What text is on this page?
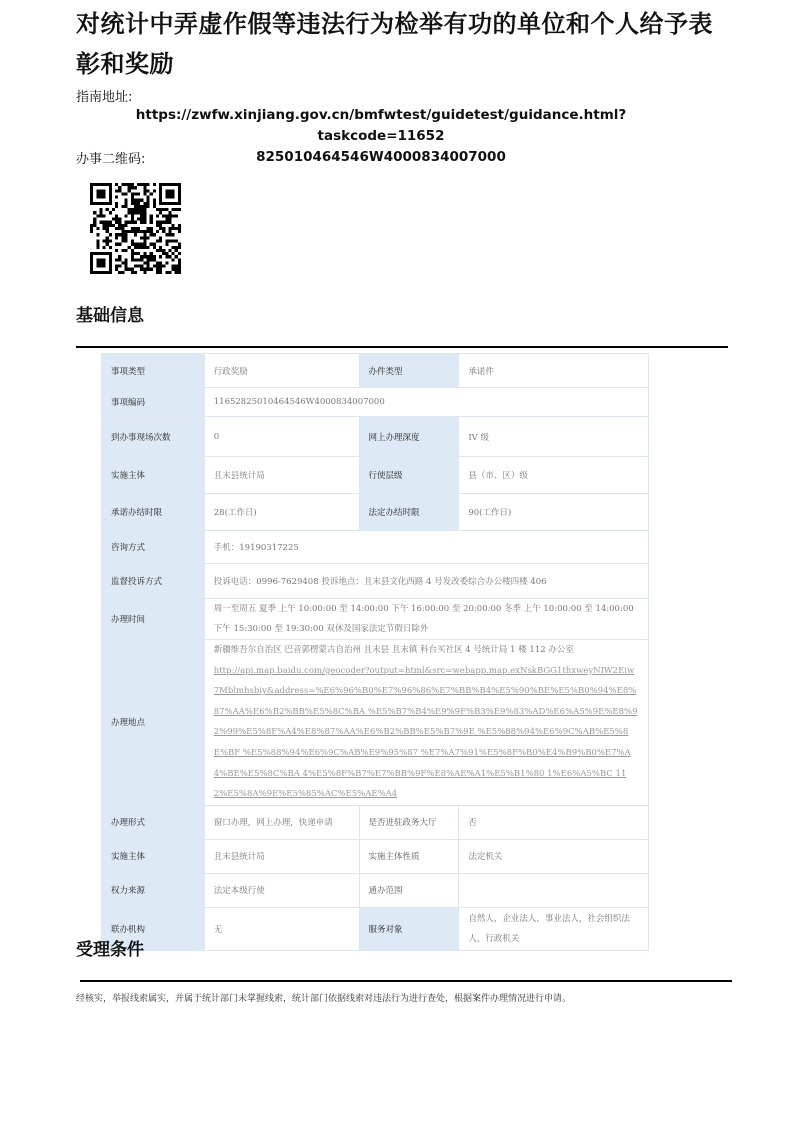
对统计中弄虚作假等违法行为检举有功的单位和个人给予表彰和奖励
指南地址:
https://zwfw.xinjiang.gov.cn/bmfwtest/guidetest/guidance.html?taskcode=11652
825010464546W4000834007000
办事二维码:
基础信息
事项类型	行政奖励	办件类型	承诺件
事项编码	11652825010464546W4000834007000		
到办事现场次数	0	网上办理深度	IV 级
实施主体	且末县统计局	行使层级	县（市、区）级
承诺办结时限	28(工作日)	法定办结时限	90(工作日)
咨询方式	手机：19190317225		
监督投诉方式	投诉电话：0996-7629408 投诉地点：且末县文化西路 4 号发改委综合办公楼四楼 406		
办理时间	周一至周五 夏季 上午 10:00:00 至 14:00:00 下午 16:00:00 至 20:00:00 冬季 上午 10:00:00 至 14:00:00 下午 15:30:00 至 19:30:00 双休及国家法定节假日除外		
办理地点	新疆维吾尔自治区 巴音郭楞蒙古自治州 且末县 且末镇 科台买社区 4 号统计局 1 楼 112 办公室
http://api.map.baidu.com/geocoder?output=html&src=webapp.map.exNskBGG1thxweyNIW2Eiw7Mblmhsbiy&address=%E6%96%B0%E7%96%86%E7%BB%B4%E5%90%BE%E5%B0%94%E8%87%AA%E6%B2%BB%E5%8C%BA %E5%B7%B4%E9%9F%B3%E9%83%AD%E6%A5%9E%E8%92%99%E5%8F%A4%E8%87%AA%E6%B2%BB%E5%B7%9E %E5%88%94%E6%9C%AB%E5%8E%BF %E5%88%94%E6%9C%AB%E9%95%87 %E7%A7%91%E5%8F%B0%E4%B9%B0%E7%A4%BE%E5%8C%BA 4%E5%8F%B7%E7%BB%9F%E8%AE%A1%E5%B1%80 1%E6%A5%BC 112%E5%8A%9E%E5%85%AC%E5%AE%A4		

办理形式	窗口办理，网上办理，快递申请	是否进驻政务大厅	否
实施主体	且末县统计局	实施主体性质	法定机关
权力来源	法定本级行使	通办范围	
联办机构	无	服务对象	自然人，企业法人，事业法人，社会组织法人，行政机关
受理条件
经核实，举报线索属实，并属于统计部门未掌握线索，统计部门依据线索对违法行为进行查处，根据案件办理情况进行申请。
